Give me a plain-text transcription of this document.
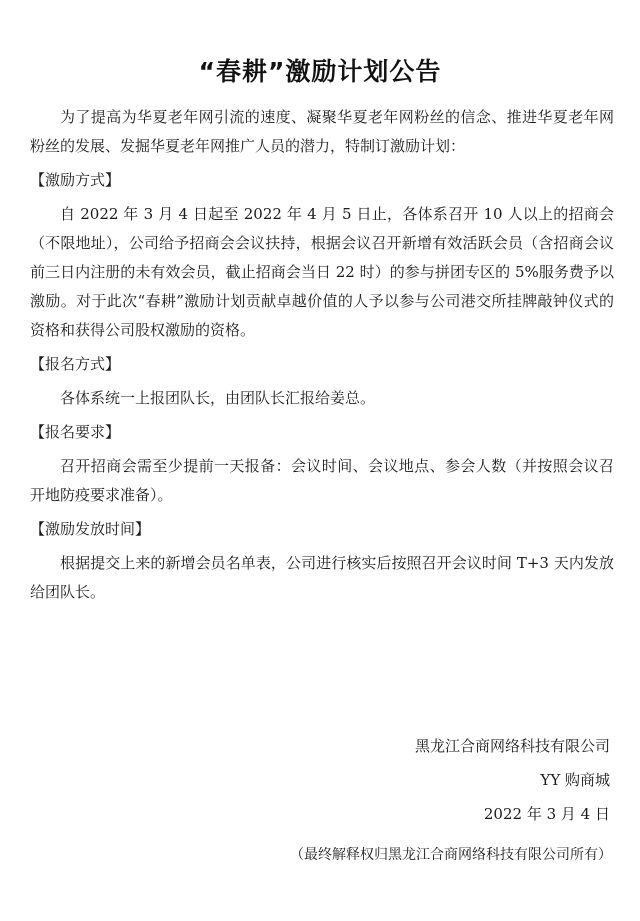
“春耕”激励计划公告

为了提高为华夏老年网引流的速度、凝聚华夏老年网粉丝的信念、推进华夏老年网粉丝的发展、发掘华夏老年网推广人员的潜力，特制订激励计划：

【激励方式】

自 2022 年 3 月 4 日起至 2022 年 4 月 5 日止，各体系召开 10 人以上的招商会（不限地址），公司给予招商会会议扶持，根据会议召开新增有效活跃会员（含招商会议前三日内注册的未有效会员，截止招商会当日 22 时）的参与拼团专区的 5%服务费予以激励。对于此次“春耕”激励计划贡献卓越价值的人予以参与公司港交所挂牌敲钟仪式的资格和获得公司股权激励的资格。

【报名方式】

各体系统一上报团队长，由团队长汇报给姜总。

【报名要求】

召开招商会需至少提前一天报备：会议时间、会议地点、参会人数（并按照会议召开地防疫要求准备）。

【激励发放时间】

根据提交上来的新增会员名单表，公司进行核实后按照召开会议时间 T+3 天内发放给团队长。

黑龙江合商网络科技有限公司
YY 购商城
2022 年 3 月 4 日
（最终解释权归黑龙江合商网络科技有限公司所有）
